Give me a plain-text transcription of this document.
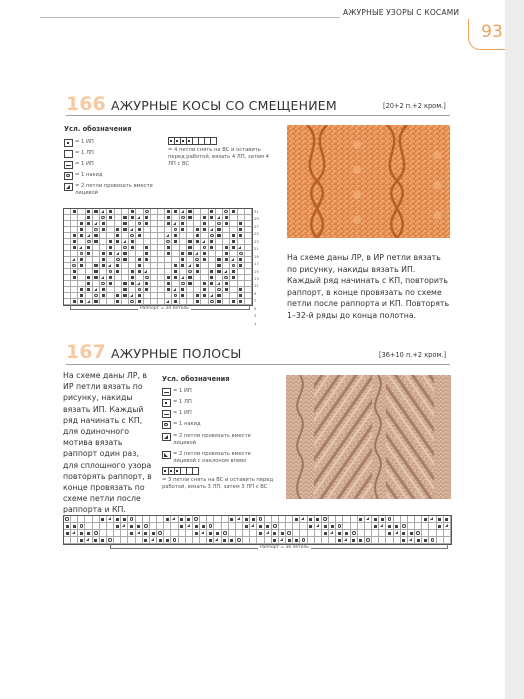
АЖУРНЫЕ УЗОРЫ С КОСАМИ
93
166 АЖУРНЫЕ КОСЫ СО СМЕЩЕНИЕМ	[20+2 п.+2 кром.]
Усл. обозначения
= 1 ИП
= 1 ЛП
= 1 ИП
= 1 накид
= 2 петли провязать вместе лицевой
= 4 петли снять на ВС и оставить перед работой, вязать 4 ЛП, затем 4 ЛП с ВС
31
29
27
25
23
21
19
17
15
13
11
9
7
5
3
1
Раппорт = 20 петель
На схеме даны ЛР, в ИР петли вязать по рисунку, накиды вязать ИП. Каждый ряд начинать с КП, повторить раппорт, в конце провязать по схеме петли после раппорта и КП. Повторять 1–32-й ряды до конца полотна.
167 АЖУРНЫЕ ПОЛОСЫ	[36+10 п.+2 кром.]
На схеме даны ЛР, в ИР петли вязать по рисунку, накиды вязать ИП. Каждый ряд начинать с КП, для одиночного мотива вязать раппорт один раз, для сплошного узора повторять раппорт, в конце провязать по схеме петли после раппорта и КП.
Усл. обозначения
= 1 ИП
= 1 ЛП
= 1 ИП
= 1 накид
= 2 петли провязать вместе лицевой
= 2 петли провязать вместе лицевой с наклоном влево
= 3 петли снять на ВС и оставить перед работой, вязать 3 ЛП, затем 3 ЛП с ВС
Раппорт = 36 петель
